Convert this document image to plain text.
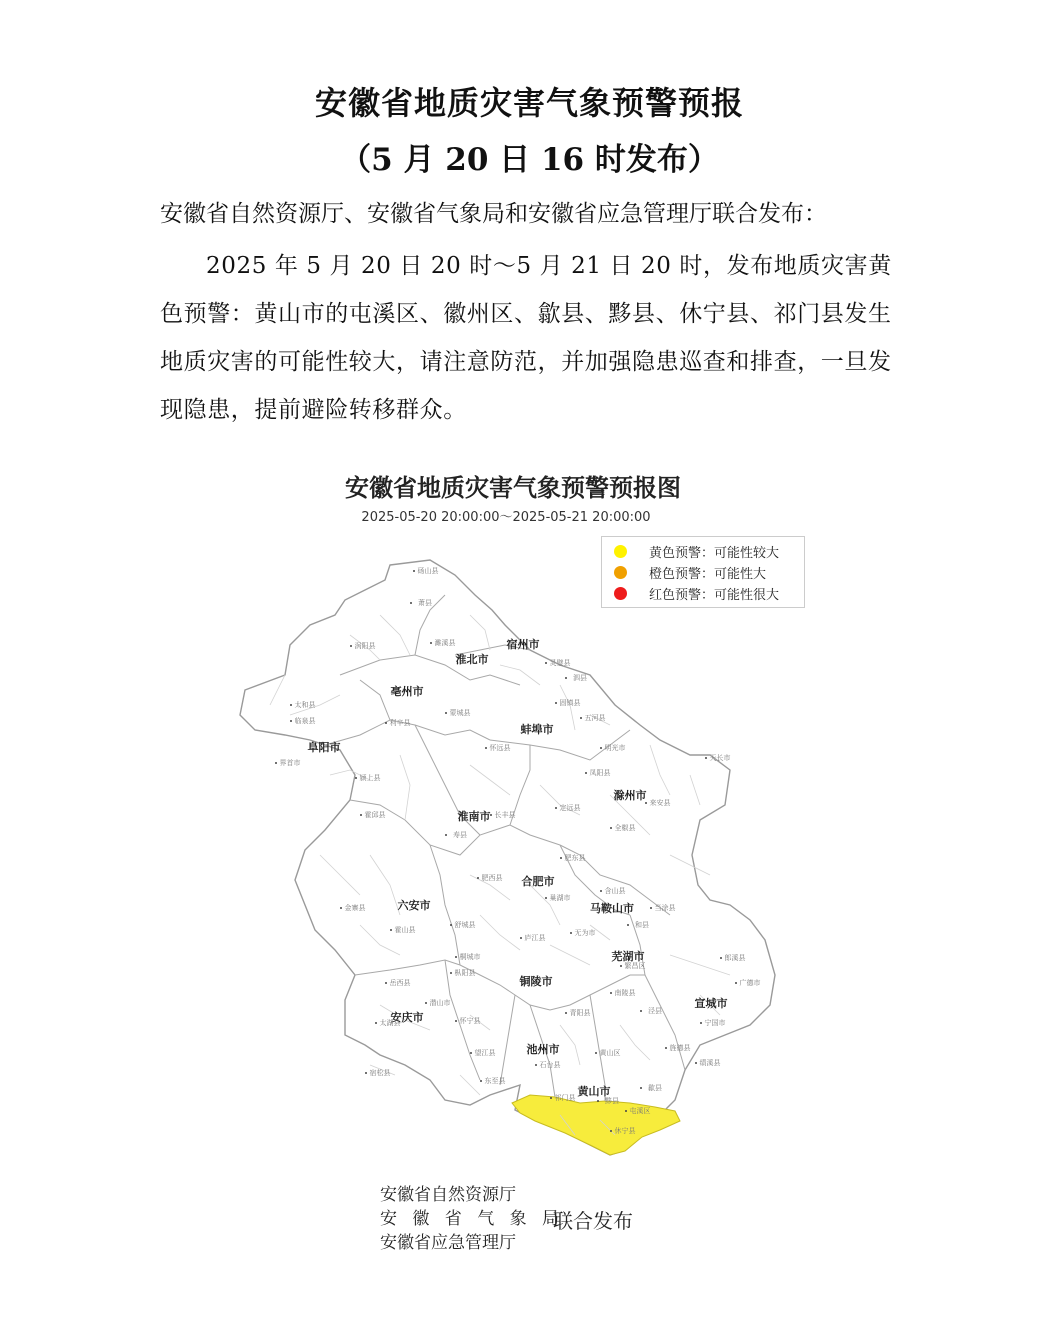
安徽省地质灾害气象预警预报
（5 月 20 日 16 时发布）
安徽省自然资源厅、安徽省气象局和安徽省应急管理厅联合发布：
2025 年 5 月 20 日 20 时～5 月 21 日 20 时，发布地质灾害黄色预警：黄山市的屯溪区、徽州区、歙县、黟县、休宁县、祁门县发生地质灾害的可能性较大，请注意防范，并加强隐患巡查和排查，一旦发现隐患，提前避险转移群众。
安徽省地质灾害气象预警预报图
2025-05-20 20:00:00～2025-05-21 20:00:00
黄色预警：可能性较大
橙色预警：可能性大
红色预警：可能性很大
宿州市
淮北市
亳州市
阜阳市
蚌埠市
淮南市
滁州市
六安市
合肥市
马鞍山市
芜湖市
宣城市
铜陵市
安庆市
池州市
黄山市
砀山县
萧县
灵璧县
泗县
濉溪县
涡阳县
蒙城县
利辛县
太和县
临泉县
颍上县
怀远县
固镇县
五河县
凤阳县
定远县
明光市
天长市
全椒县
来安县
寿县
霍邱县
金寨县
霍山县
舒城县
庐江县
肥东县
肥西县
长丰县
巢湖市
含山县
和县
当涂县
无为市
南陵县
繁昌区
郎溪县
广德市
宁国市
泾县
旌德县
绩溪县
枞阳县
潜山市
太湖县
宿松县
望江县
岳西县
怀宁县
东至县
石台县
青阳县
祁门县	黟县
休宁县
歙县
屯溪区
黄山区
桐城市
界首市
安徽省自然资源厅
安 徽 省 气 象 局
安徽省应急管理厅
联合发布
